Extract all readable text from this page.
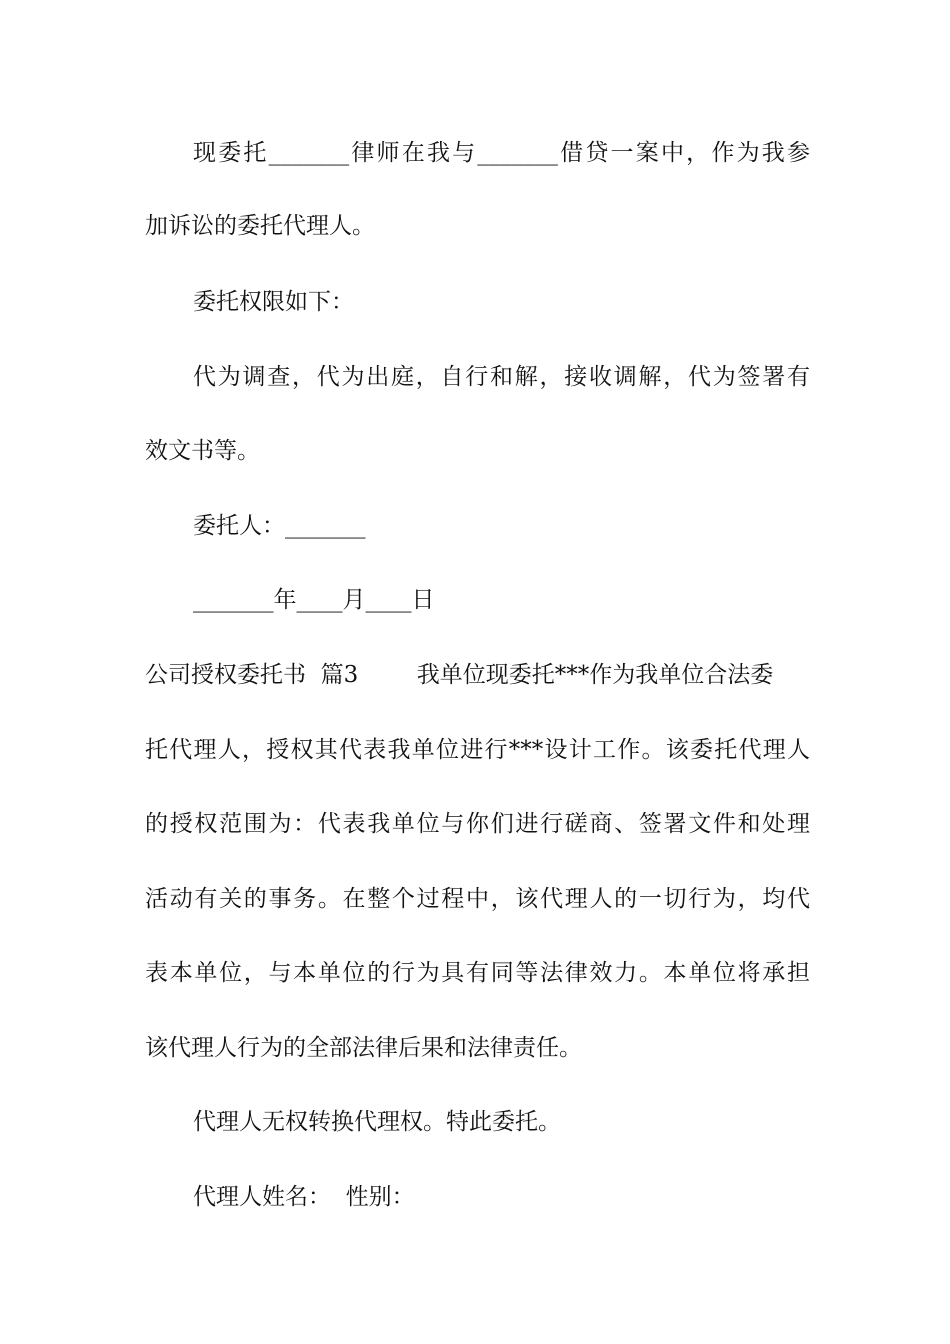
现委托_______律师在我与_______借贷一案中，作为我参
加诉讼的委托代理人。
委托权限如下：
代为调查，代为出庭，自行和解，接收调解，代为签署有
效文书等。
委托人：_______
_______年____月____日
公司授权委托书  篇3        我单位现委托***作为我单位合法委
托代理人，授权其代表我单位进行***设计工作。该委托代理人
的授权范围为：代表我单位与你们进行磋商、签署文件和处理
活动有关的事务。在整个过程中，该代理人的一切行为，均代
表本单位，与本单位的行为具有同等法律效力。本单位将承担
该代理人行为的全部法律后果和法律责任。
代理人无权转换代理权。特此委托。
代理人姓名：  性别：
